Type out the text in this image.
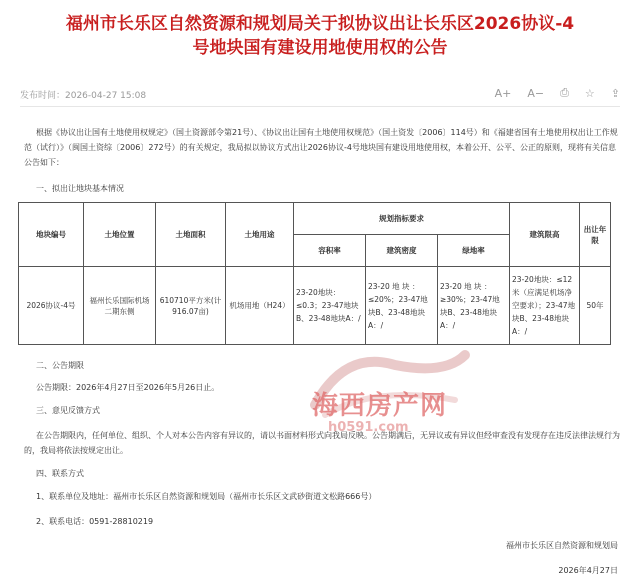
福州市长乐区自然资源和规划局关于拟协议出让长乐区2026协议-4号地块国有建设用地使用权的公告
发布时间：2026-04-27 15:08	A+ A− ⎙ ☆ ⇪
根据《协议出让国有土地使用权规定》（国土资源部令第21号）、《协议出让国有土地使用权规范》（国土资发〔2006〕114号）和《福建省国有土地使用权出让工作规范（试行）》（闽国土资综〔2006〕272号）的有关规定，我局拟以协议方式出让2026协议-4号地块国有建设用地使用权，本着公开、公平、公正的原则，现将有关信息公告如下：
一、拟出让地块基本情况
地块编号	土地位置	土地面积	土地用途	规划指标要求			建筑限高	出让年限
				容积率	建筑密度	绿地率		
2026协议-4号	福州长乐国际机场二期东侧	610710平方米(计916.07亩)	机场用地（H24）	23-20地块：≤0.3；23-47地块B、23-48地块A：/	23-20 地 块 ：≤20%；23-47地块B、23-48地块A：/	23-20 地 块 ：≥30%；23-47地块B、23-48地块A：/	23-20地块：≤12米（应满足机场净空要求）；23-47地块B、23-48地块A：/	50年
二、公告期限
公告期限：2026年4月27日至2026年5月26日止。
三、意见反馈方式
在公告期限内，任何单位、组织、个人对本公告内容有异议的，请以书面材料形式向我局反映。公告期满后，无异议或有异议但经审查没有发现存在违反法律法规行为的，我局将依法按规定出让。
四、联系方式
1、联系单位及地址：福州市长乐区自然资源和规划局（福州市长乐区文武砂街道文松路666号）
2、联系电话：0591-28810219
海西房产网
h0591.com
福州市长乐区自然资源和规划局
2026年4月27日
